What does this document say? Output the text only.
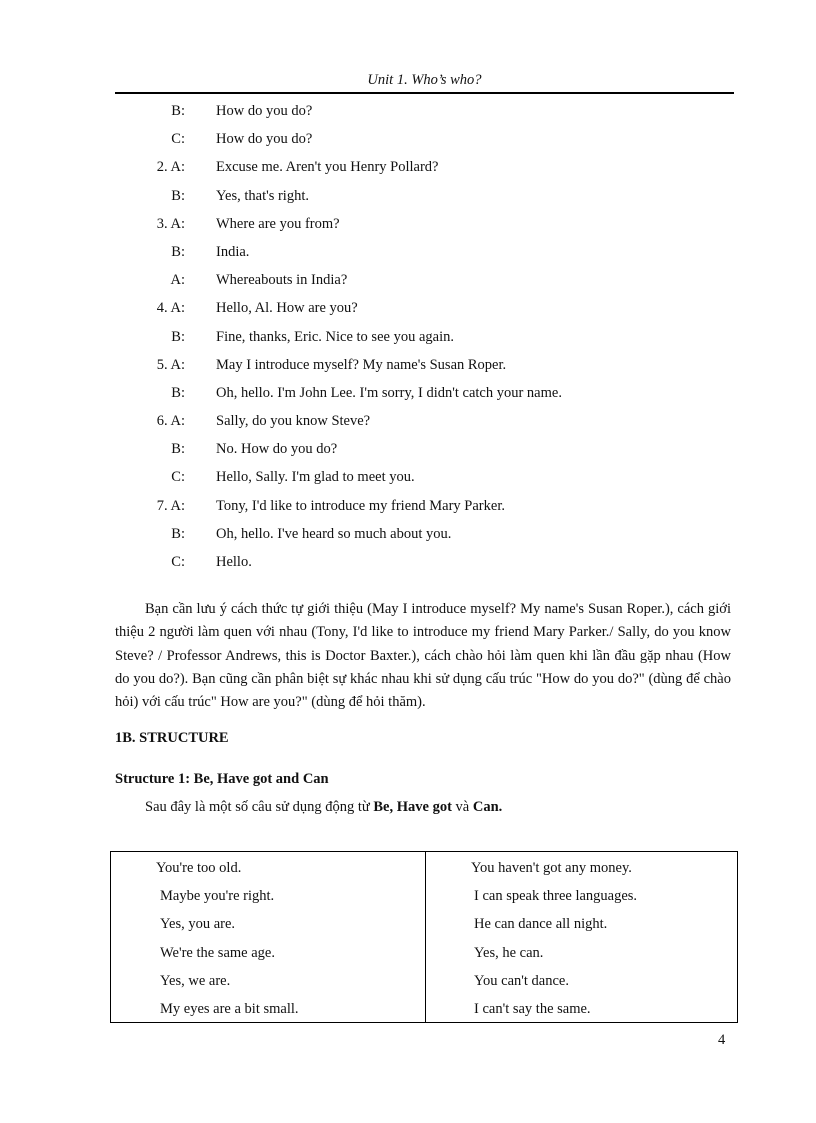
Unit 1. Who’s who?
B: How do you do?
C: How do you do?
2. A: Excuse me. Aren't you Henry Pollard?
B: Yes, that's right.
3. A: Where are you from?
B: India.
A: Whereabouts in India?
4. A: Hello, Al. How are you?
B: Fine, thanks, Eric. Nice to see you again.
5. A: May I introduce myself? My name's Susan Roper.
B: Oh, hello. I'm John Lee. I'm sorry, I didn't catch your name.
6. A: Sally, do you know Steve?
B: No. How do you do?
C: Hello, Sally. I'm glad to meet you.
7. A: Tony, I'd like to introduce my friend Mary Parker.
B: Oh, hello. I've heard so much about you.
C: Hello.

Bạn cần lưu ý cách thức tự giới thiệu (May I introduce myself? My name's Susan Roper.), cách giới thiệu 2 người làm quen với nhau (Tony, I'd like to introduce my friend Mary Parker./ Sally, do you know Steve? / Professor Andrews, this is Doctor Baxter.), cách chào hỏi làm quen khi lần đầu gặp nhau (How do you do?). Bạn cũng cần phân biệt sự khác nhau khi sử dụng cấu trúc "How do you do?" (dùng để chào hỏi) với cấu trúc" How are you?" (dùng để hỏi thăm).

1B. STRUCTURE

Structure 1: Be, Have got and Can

Sau đây là một số câu sử dụng động từ Be, Have got và Can.

You're too old.
Maybe you're right.
Yes, you are.
We're the same age.
Yes, we are.
My eyes are a bit small.
You haven't got any money.
I can speak three languages.
He can dance all night.
Yes, he can.
You can't dance.
I can't say the same.
4
